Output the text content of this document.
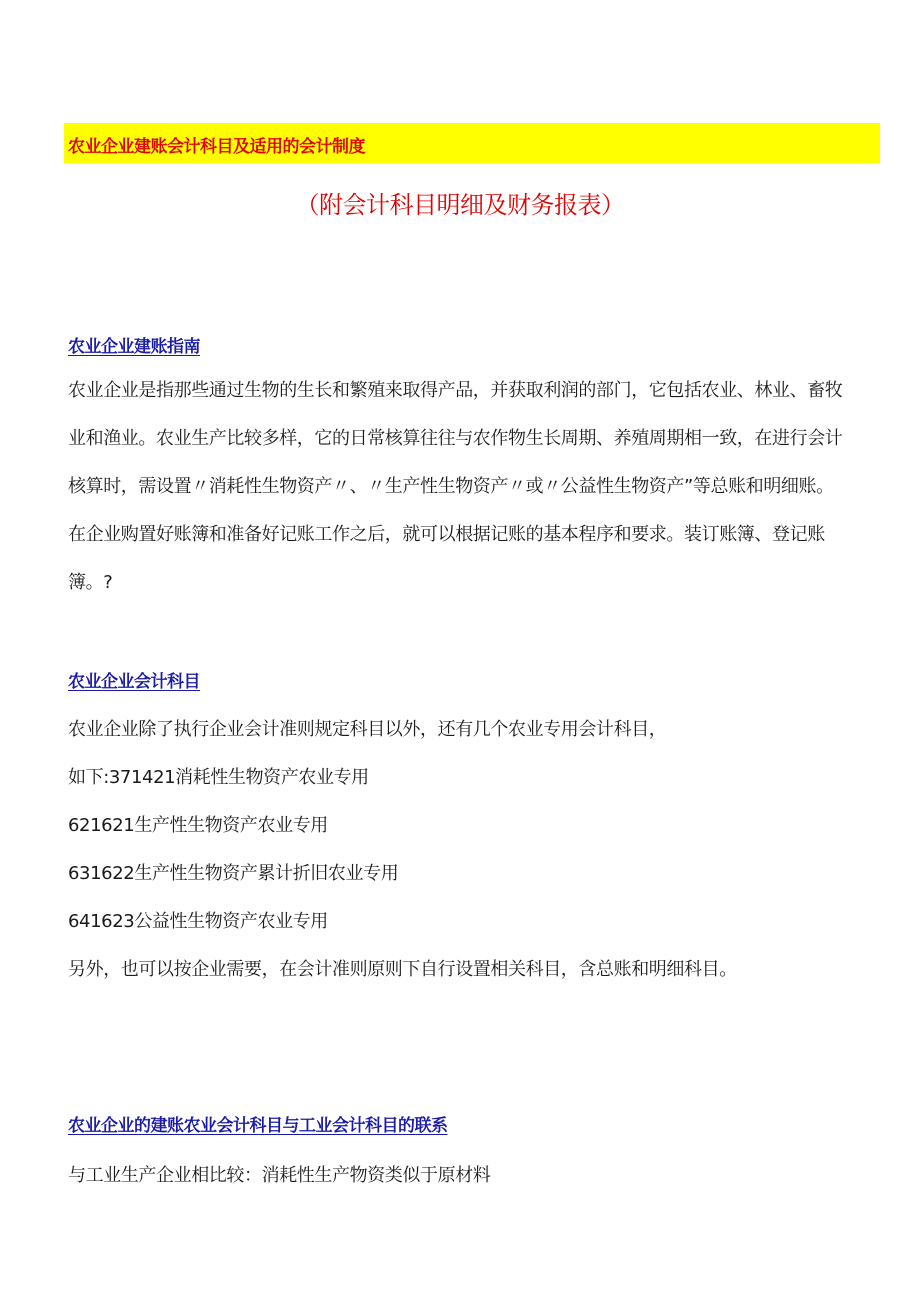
农业企业建账会计科目及适用的会计制度
（附会计科目明细及财务报表）
农业企业建账指南
农业企业是指那些通过生物的生长和繁殖来取得产品，并获取利润的部门，它包括农业、林业、畜牧
业和渔业。农业生产比较多样，它的日常核算往往与农作物生长周期、养殖周期相一致，在进行会计
核算时，需设置〃消耗性生物资产〃、〃生产性生物资产〃或〃公益性生物资产”等总账和明细账。
在企业购置好账簿和准备好记账工作之后，就可以根据记账的基本程序和要求。装订账簿、登记账
簿。?
农业企业会计科目
农业企业除了执行企业会计准则规定科目以外，还有几个农业专用会计科目，
如下:371421消耗性生物资产农业专用
621621生产性生物资产农业专用
631622生产性生物资产累计折旧农业专用
641623公益性生物资产农业专用
另外，也可以按企业需要，在会计准则原则下自行设置相关科目，含总账和明细科目。
农业企业的建账农业会计科目与工业会计科目的联系
与工业生产企业相比较：消耗性生产物资类似于原材料
